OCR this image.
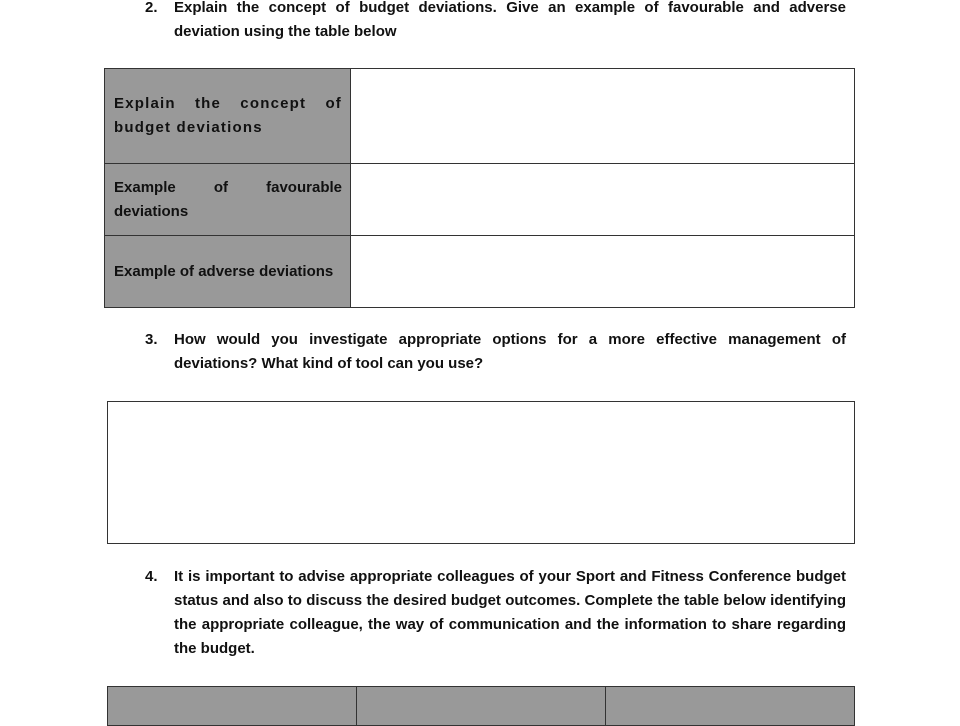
2. Explain the concept of budget deviations. Give an example of favourable and adverse deviation using the table below
Explain the concept of budget deviations	

Example of favourable deviations	

Example of adverse deviations	

3. How would you investigate appropriate options for a more effective management of deviations? What kind of tool can you use?
4. It is important to advise appropriate colleagues of your Sport and Fitness Conference budget status and also to discuss the desired budget outcomes. Complete the table below identifying the appropriate colleague, the way of communication and the information to share regarding the budget.
